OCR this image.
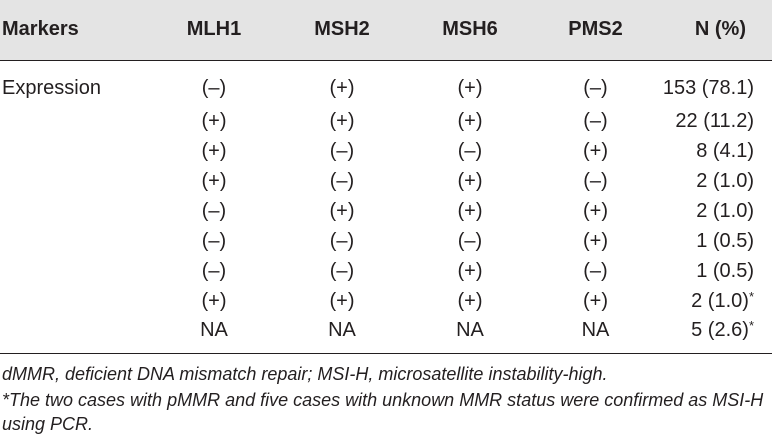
Markers	MLH1	MSH2	MSH6	PMS2	N (%)
Expression	(–)	(+)	(+)	(–)	153 (78.1)
	(+)	(+)	(+)	(–)	22 (11.2)
	(+)	(–)	(–)	(+)	8 (4.1)
	(+)	(–)	(+)	(–)	2 (1.0)
	(–)	(+)	(+)	(+)	2 (1.0)
	(–)	(–)	(–)	(+)	1 (0.5)
	(–)	(–)	(+)	(–)	1 (0.5)
	(+)	(+)	(+)	(+)	2 (1.0)*
	NA	NA	NA	NA	5 (2.6)*

dMMR, deficient DNA mismatch repair; MSI-H, microsatellite instability-high.

*The two cases with pMMR and five cases with unknown MMR status were confirmed as MSI-H using PCR.
